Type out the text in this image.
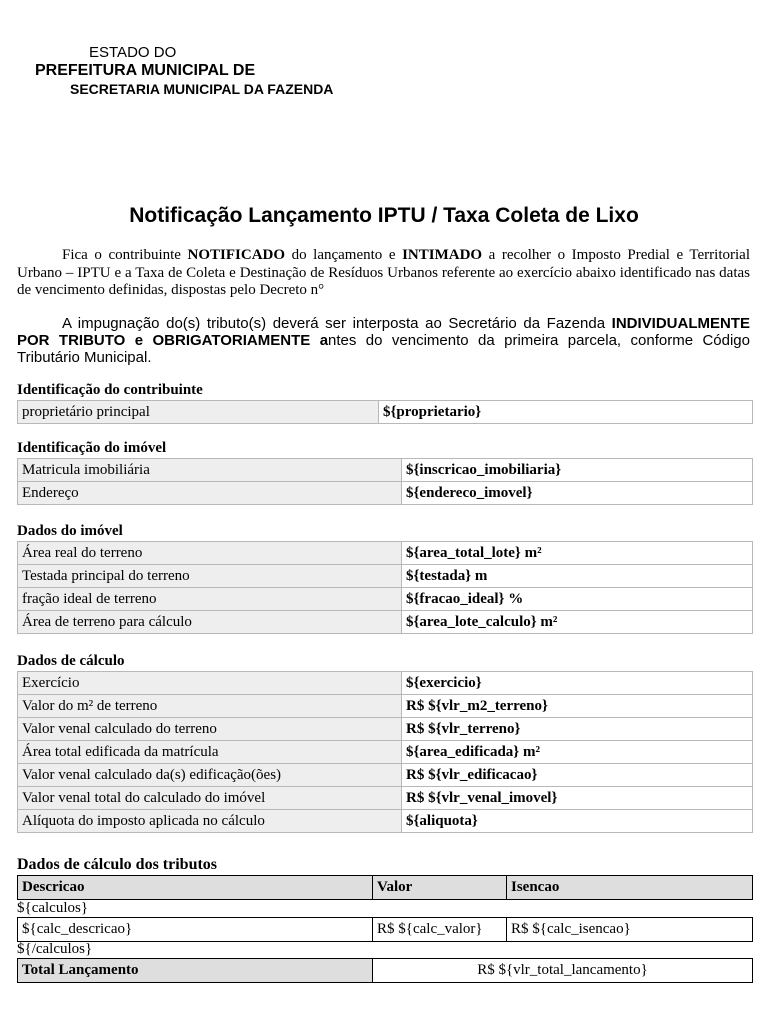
ESTADO DO
PREFEITURA MUNICIPAL DE
SECRETARIA MUNICIPAL DA FAZENDA
Notificação Lançamento IPTU / Taxa Coleta de Lixo
Fica o contribuinte NOTIFICADO do lançamento e INTIMADO a recolher o Imposto Predial e Territorial Urbano – IPTU e a Taxa de Coleta e Destinação de Resíduos Urbanos referente ao exercício abaixo identificado nas datas de vencimento definidas, dispostas pelo Decreto n°
A impugnação do(s) tributo(s) deverá ser interposta ao Secretário da Fazenda INDIVIDUALMENTE POR TRIBUTO e OBRIGATORIAMENTE antes do vencimento da primeira parcela, conforme Código Tributário Municipal.
Identificação do contribuinte
proprietário principal	${proprietario}
Identificação do imóvel
Matricula imobiliária	${inscricao_imobiliaria}
Endereço	${endereco_imovel}
Dados do imóvel
Área real do terreno	${area_total_lote} m²
Testada principal do terreno	${testada} m
fração ideal de terreno	${fracao_ideal} %
Área de terreno para cálculo	${area_lote_calculo} m²
Dados de cálculo
Exercício	${exercicio}
Valor do m² de terreno	R$ ${vlr_m2_terreno}
Valor venal calculado do terreno	R$ ${vlr_terreno}
Área total edificada da matrícula	${area_edificada} m²
Valor venal calculado da(s) edificação(ões)	R$ ${vlr_edificacao}
Valor venal total do calculado do imóvel	R$ ${vlr_venal_imovel}
Alíquota do imposto aplicada no cálculo	${aliquota}
Dados de cálculo dos tributos
Descricao	Valor	Isencao
${calculos}
${calc_descricao}	R$ ${calc_valor}	R$ ${calc_isencao}
${/calculos}
Total Lançamento	R$ ${vlr_total_lancamento}
